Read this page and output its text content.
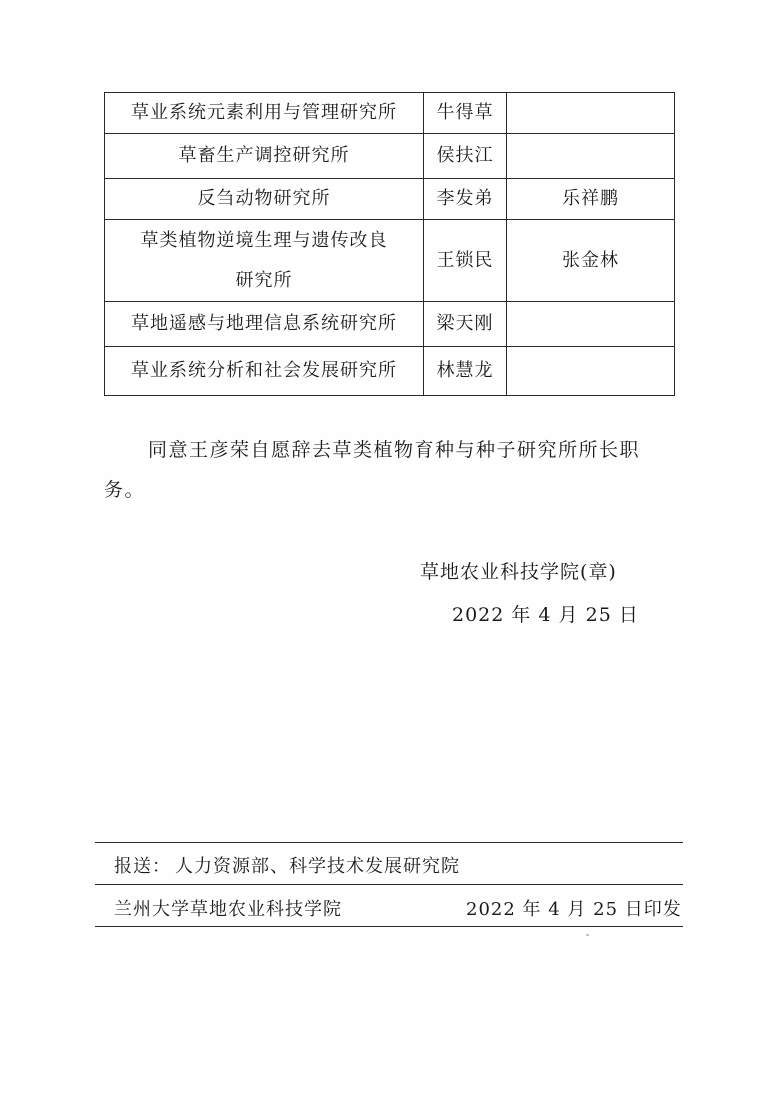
草业系统元素利用与管理研究所	牛得草	
草畜生产调控研究所	侯扶江	
反刍动物研究所	李发弟	乐祥鹏

草类植物逆境生理与遗传改良
研究所	王锁民	张金林
草地遥感与地理信息系统研究所	梁天刚	
草业系统分析和社会发展研究所	林慧龙	

同意王彦荣自愿辞去草类植物育种与种子研究所所长职务。

草地农业科技学院(章)
2022 年 4 月 25 日
报送： 人力资源部、科学技术发展研究院
兰州大学草地农业科技学院	2022 年 4 月 25 日印发
